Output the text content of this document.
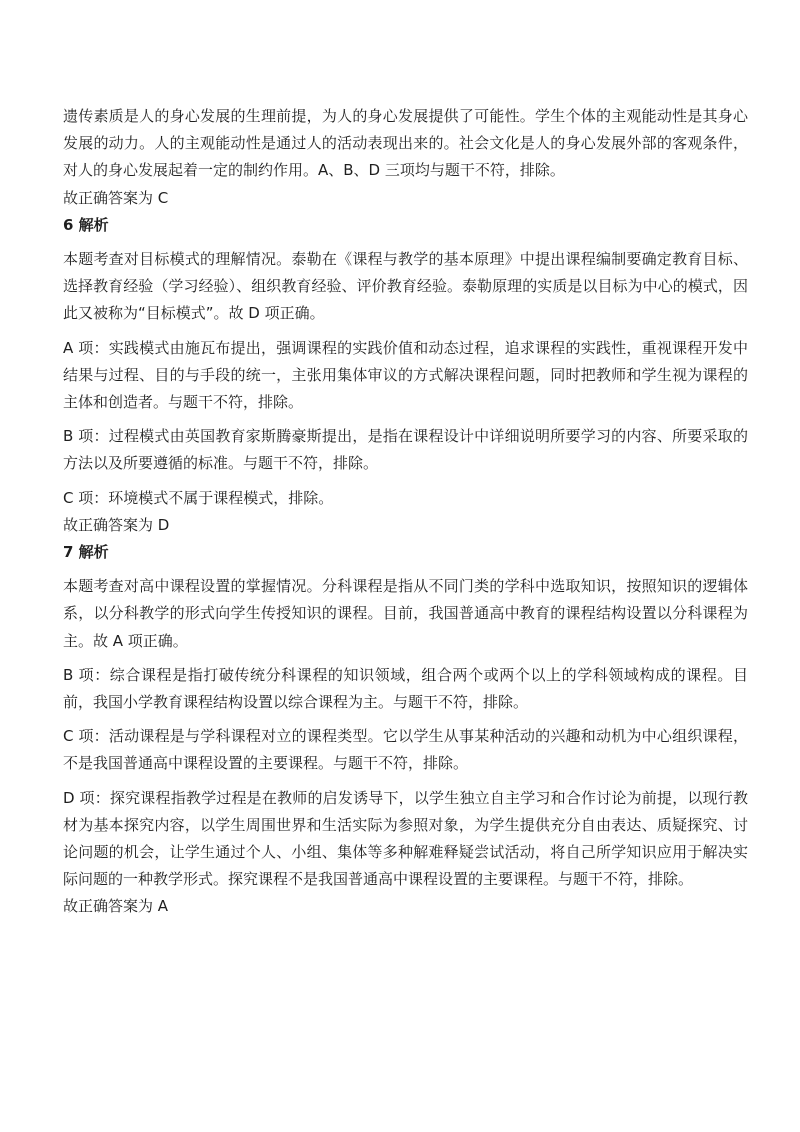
遗传素质是人的身心发展的生理前提，为人的身心发展提供了可能性。学生个体的主观能动性是其身心发展的动力。人的主观能动性是通过人的活动表现出来的。社会文化是人的身心发展外部的客观条件，对人的身心发展起着一定的制约作用。A、B、D 三项均与题干不符，排除。

故正确答案为 C

6 解析

本题考查对目标模式的理解情况。泰勒在《课程与教学的基本原理》中提出课程编制要确定教育目标、选择教育经验（学习经验）、组织教育经验、评价教育经验。泰勒原理的实质是以目标为中心的模式，因此又被称为“目标模式”。故 D 项正确。

A 项：实践模式由施瓦布提出，强调课程的实践价值和动态过程，追求课程的实践性，重视课程开发中结果与过程、目的与手段的统一，主张用集体审议的方式解决课程问题，同时把教师和学生视为课程的主体和创造者。与题干不符，排除。

B 项：过程模式由英国教育家斯腾豪斯提出，是指在课程设计中详细说明所要学习的内容、所要采取的方法以及所要遵循的标准。与题干不符，排除。

C 项：环境模式不属于课程模式，排除。

故正确答案为 D

7 解析

本题考查对高中课程设置的掌握情况。分科课程是指从不同门类的学科中选取知识，按照知识的逻辑体系，以分科教学的形式向学生传授知识的课程。目前，我国普通高中教育的课程结构设置以分科课程为主。故 A 项正确。

B 项：综合课程是指打破传统分科课程的知识领域，组合两个或两个以上的学科领域构成的课程。目前，我国小学教育课程结构设置以综合课程为主。与题干不符，排除。

C 项：活动课程是与学科课程对立的课程类型。它以学生从事某种活动的兴趣和动机为中心组织课程，不是我国普通高中课程设置的主要课程。与题干不符，排除。

D 项：探究课程指教学过程是在教师的启发诱导下，以学生独立自主学习和合作讨论为前提，以现行教材为基本探究内容，以学生周围世界和生活实际为参照对象，为学生提供充分自由表达、质疑探究、讨论问题的机会，让学生通过个人、小组、集体等多种解难释疑尝试活动，将自己所学知识应用于解决实际问题的一种教学形式。探究课程不是我国普通高中课程设置的主要课程。与题干不符，排除。

故正确答案为 A
